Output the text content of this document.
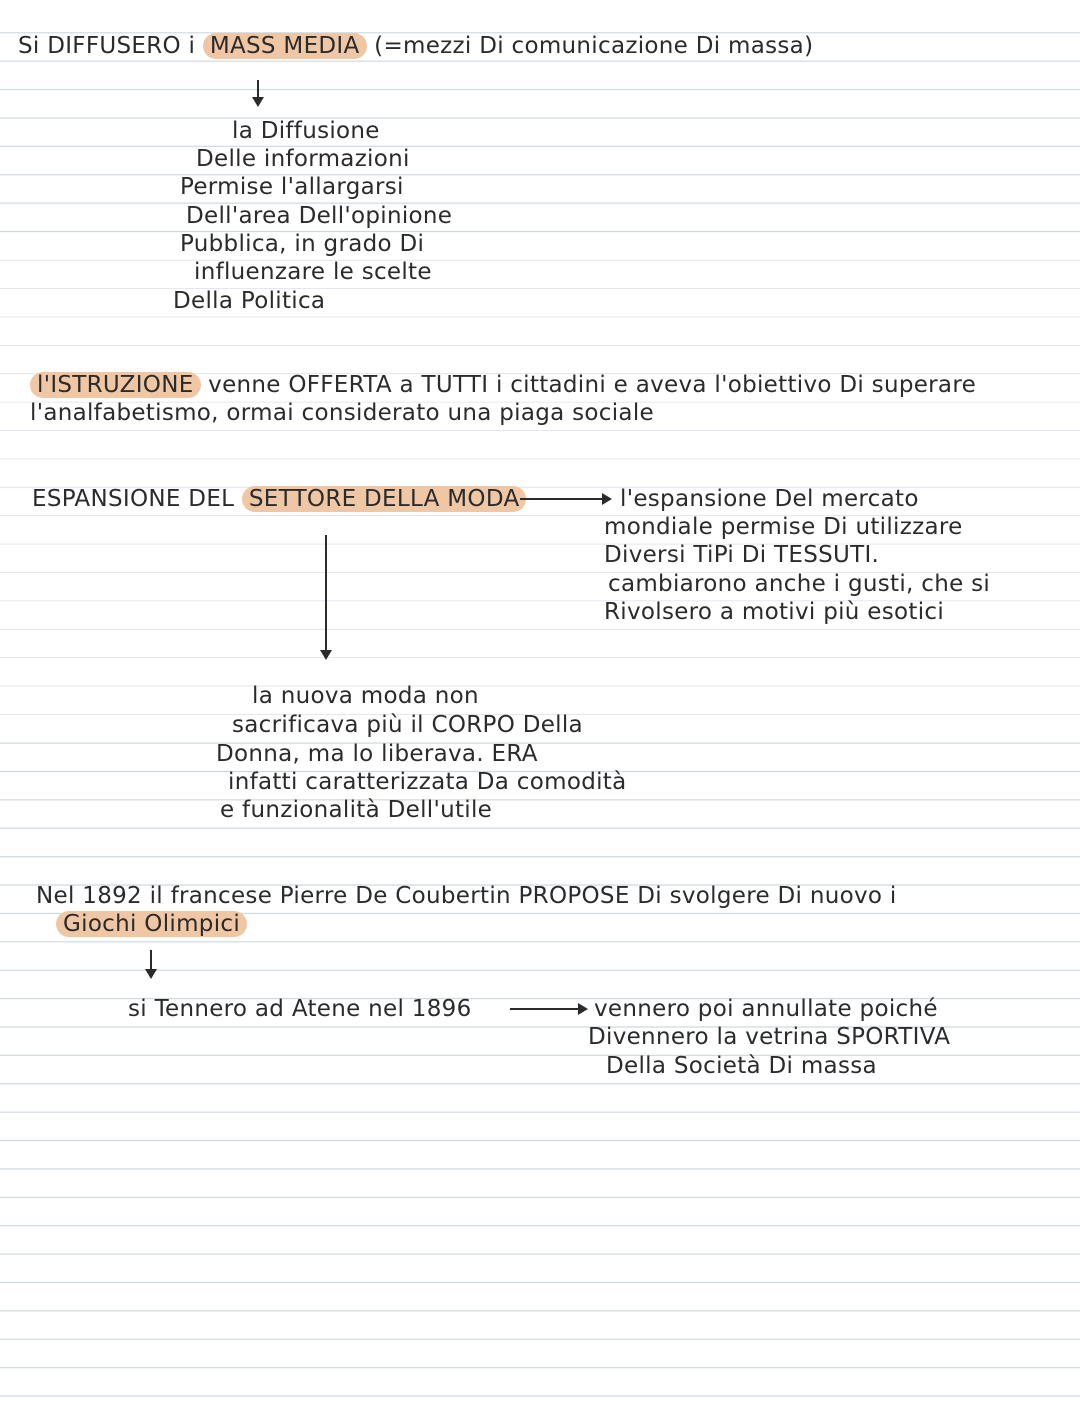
Si DIFFUSERO i MASS MEDIA (=mezzi Di comunicazione Di massa)
la Diffusione
Delle informazioni
Permise l'allargarsi
Dell'area Dell'opinione
Pubblica, in grado Di
influenzare le scelte
Della Politica
l'ISTRUZIONE venne OFFERTA a TUTTI i cittadini e aveva l'obiettivo Di superare
l'analfabetismo, ormai considerato una piaga sociale
ESPANSIONE DEL SETTORE DELLA MODA	l'espansione Del mercato
mondiale permise Di utilizzare
Diversi TiPi Di TESSUTI.
cambiarono anche i gusti, che si
Rivolsero a motivi più esotici
la nuova moda non
sacrificava più il CORPO Della
Donna, ma lo liberava. ERA
infatti caratterizzata Da comodità
e funzionalità Dell'utile
Nel 1892 il francese Pierre De Coubertin PROPOSE Di svolgere Di nuovo i
Giochi Olimpici
si Tennero ad Atene nel 1896	vennero poi annullate poiché
Divennero la vetrina SPORTIVA
Della Società Di massa
